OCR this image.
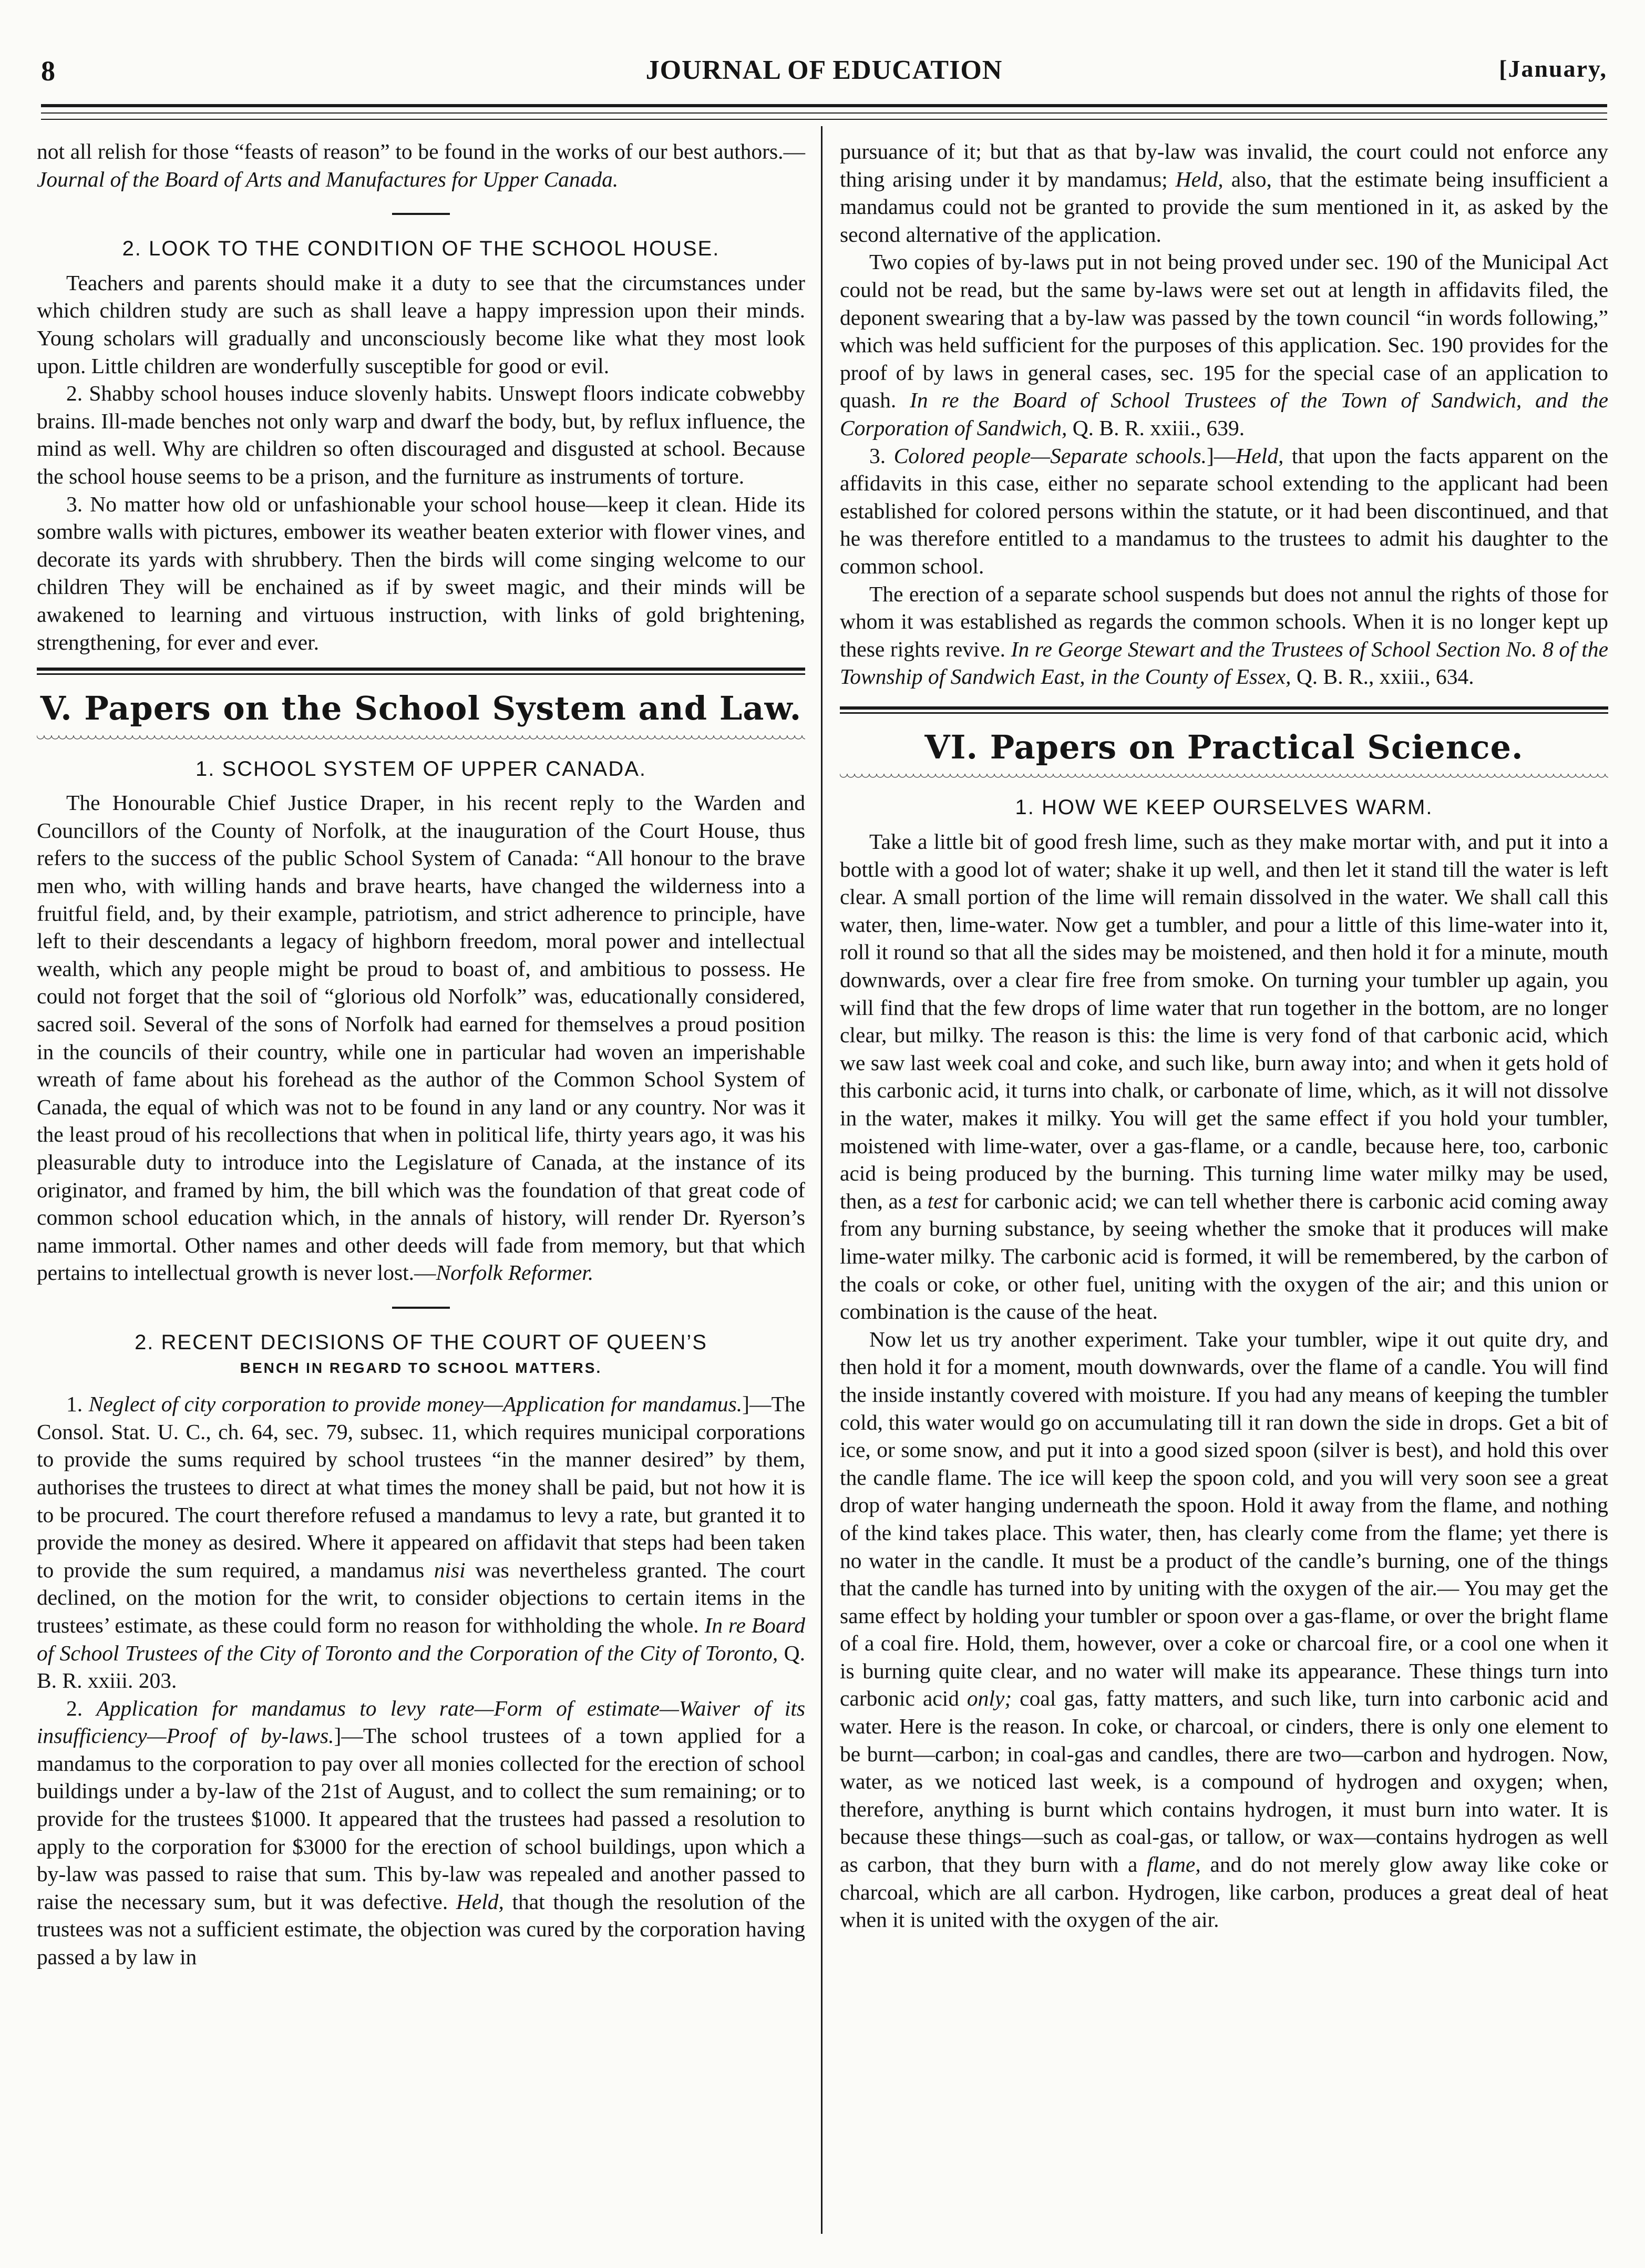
8	JOURNAL OF EDUCATION	[January,

not all relish for those “feasts of reason” to be found in the works of our best authors.—Journal of the Board of Arts and Manufactures for Upper Canada.

2. LOOK TO THE CONDITION OF THE SCHOOL HOUSE.

Teachers and parents should make it a duty to see that the circumstances under which children study are such as shall leave a happy impression upon their minds. Young scholars will gradually and unconsciously become like what they most look upon. Little children are wonderfully susceptible for good or evil.

2. Shabby school houses induce slovenly habits. Unswept floors indicate cobwebby brains. Ill-made benches not only warp and dwarf the body, but, by reflux influence, the mind as well. Why are children so often discouraged and disgusted at school. Because the school house seems to be a prison, and the furniture as instruments of torture.

3. No matter how old or unfashionable your school house—keep it clean. Hide its sombre walls with pictures, embower its weather beaten exterior with flower vines, and decorate its yards with shrubbery. Then the birds will come singing welcome to our children They will be enchained as if by sweet magic, and their minds will be awakened to learning and virtuous instruction, with links of gold brightening, strengthening, for ever and ever.

V. Papers on the School System and Law.
1. SCHOOL SYSTEM OF UPPER CANADA.

The Honourable Chief Justice Draper, in his recent reply to the Warden and Councillors of the County of Norfolk, at the inauguration of the Court House, thus refers to the success of the public School System of Canada: “All honour to the brave men who, with willing hands and brave hearts, have changed the wilderness into a fruitful field, and, by their example, patriotism, and strict adherence to principle, have left to their descendants a legacy of highborn freedom, moral power and intellectual wealth, which any people might be proud to boast of, and ambitious to possess. He could not forget that the soil of “glorious old Norfolk” was, educationally considered, sacred soil. Several of the sons of Norfolk had earned for themselves a proud position in the councils of their country, while one in particular had woven an imperishable wreath of fame about his forehead as the author of the Common School System of Canada, the equal of which was not to be found in any land or any country. Nor was it the least proud of his recollections that when in political life, thirty years ago, it was his pleasurable duty to introduce into the Legislature of Canada, at the instance of its originator, and framed by him, the bill which was the foundation of that great code of common school education which, in the annals of history, will render Dr. Ryerson’s name immortal. Other names and other deeds will fade from memory, but that which pertains to intellectual growth is never lost.—Norfolk Reformer.

2. RECENT DECISIONS OF THE COURT OF QUEEN’S
BENCH IN REGARD TO SCHOOL MATTERS.

1. Neglect of city corporation to provide money—Application for mandamus.]—The Consol. Stat. U. C., ch. 64, sec. 79, subsec. 11, which requires municipal corporations to provide the sums required by school trustees “in the manner desired” by them, authorises the trustees to direct at what times the money shall be paid, but not how it is to be procured. The court therefore refused a mandamus to levy a rate, but granted it to provide the money as desired. Where it appeared on affidavit that steps had been taken to provide the sum required, a mandamus nisi was nevertheless granted. The court declined, on the motion for the writ, to consider objections to certain items in the trustees’ estimate, as these could form no reason for withholding the whole. In re Board of School Trustees of the City of Toronto and the Corporation of the City of Toronto, Q. B. R. xxiii. 203.

2. Application for mandamus to levy rate—Form of estimate—Waiver of its insufficiency—Proof of by-laws.]—The school trustees of a town applied for a mandamus to the corporation to pay over all monies collected for the erection of school buildings under a by-law of the 21st of August, and to collect the sum remaining; or to provide for the trustees $1000. It appeared that the trustees had passed a resolution to apply to the corporation for $3000 for the erection of school buildings, upon which a by-law was passed to raise that sum. This by-law was repealed and another passed to raise the necessary sum, but it was defective. Held, that though the resolution of the trustees was not a sufficient estimate, the objection was cured by the corporation having passed a by law in

pursuance of it; but that as that by-law was invalid, the court could not enforce any thing arising under it by mandamus; Held, also, that the estimate being insufficient a mandamus could not be granted to provide the sum mentioned in it, as asked by the second alternative of the application.

Two copies of by-laws put in not being proved under sec. 190 of the Municipal Act could not be read, but the same by-laws were set out at length in affidavits filed, the deponent swearing that a by-law was passed by the town council “in words following,” which was held sufficient for the purposes of this application. Sec. 190 provides for the proof of by laws in general cases, sec. 195 for the special case of an application to quash. In re the Board of School Trustees of the Town of Sandwich, and the Corporation of Sandwich, Q. B. R. xxiii., 639.

3. Colored people—Separate schools.]—Held, that upon the facts apparent on the affidavits in this case, either no separate school extending to the applicant had been established for colored persons within the statute, or it had been discontinued, and that he was therefore entitled to a mandamus to the trustees to admit his daughter to the common school.

The erection of a separate school suspends but does not annul the rights of those for whom it was established as regards the common schools. When it is no longer kept up these rights revive. In re George Stewart and the Trustees of School Section No. 8 of the Township of Sandwich East, in the County of Essex, Q. B. R., xxiii., 634.

VI. Papers on Practical Science.
1. HOW WE KEEP OURSELVES WARM.

Take a little bit of good fresh lime, such as they make mortar with, and put it into a bottle with a good lot of water; shake it up well, and then let it stand till the water is left clear. A small portion of the lime will remain dissolved in the water. We shall call this water, then, lime-water. Now get a tumbler, and pour a little of this lime-water into it, roll it round so that all the sides may be moistened, and then hold it for a minute, mouth downwards, over a clear fire free from smoke. On turning your tumbler up again, you will find that the few drops of lime water that run together in the bottom, are no longer clear, but milky. The reason is this: the lime is very fond of that carbonic acid, which we saw last week coal and coke, and such like, burn away into; and when it gets hold of this carbonic acid, it turns into chalk, or carbonate of lime, which, as it will not dissolve in the water, makes it milky. You will get the same effect if you hold your tumbler, moistened with lime-water, over a gas-flame, or a candle, because here, too, carbonic acid is being produced by the burning. This turning lime water milky may be used, then, as a test for carbonic acid; we can tell whether there is carbonic acid coming away from any burning substance, by seeing whether the smoke that it produces will make lime-water milky. The carbonic acid is formed, it will be remembered, by the carbon of the coals or coke, or other fuel, uniting with the oxygen of the air; and this union or combination is the cause of the heat.

Now let us try another experiment. Take your tumbler, wipe it out quite dry, and then hold it for a moment, mouth downwards, over the flame of a candle. You will find the inside instantly covered with moisture. If you had any means of keeping the tumbler cold, this water would go on accumulating till it ran down the side in drops. Get a bit of ice, or some snow, and put it into a good sized spoon (silver is best), and hold this over the candle flame. The ice will keep the spoon cold, and you will very soon see a great drop of water hanging underneath the spoon. Hold it away from the flame, and nothing of the kind takes place. This water, then, has clearly come from the flame; yet there is no water in the candle. It must be a product of the candle’s burning, one of the things that the candle has turned into by uniting with the oxygen of the air.— You may get the same effect by holding your tumbler or spoon over a gas-flame, or over the bright flame of a coal fire. Hold, them, however, over a coke or charcoal fire, or a cool one when it is burning quite clear, and no water will make its appearance. These things turn into carbonic acid only; coal gas, fatty matters, and such like, turn into carbonic acid and water. Here is the reason. In coke, or charcoal, or cinders, there is only one element to be burnt—carbon; in coal-gas and candles, there are two—carbon and hydrogen. Now, water, as we noticed last week, is a compound of hydrogen and oxygen; when, therefore, anything is burnt which contains hydrogen, it must burn into water. It is because these things—such as coal-gas, or tallow, or wax—contains hydrogen as well as carbon, that they burn with a flame, and do not merely glow away like coke or charcoal, which are all carbon. Hydrogen, like carbon, produces a great deal of heat when it is united with the oxygen of the air.
